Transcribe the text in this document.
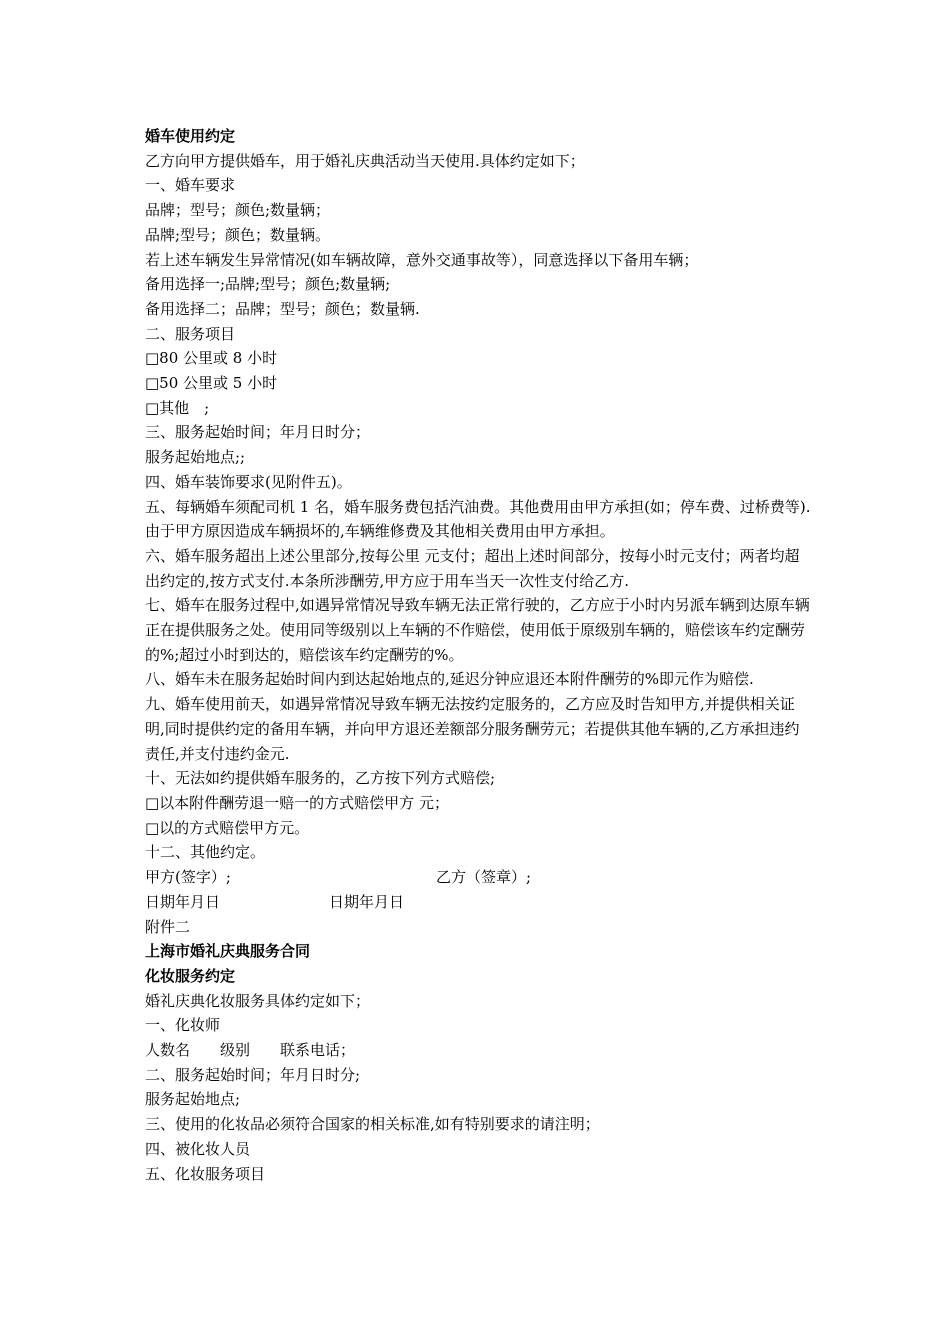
婚车使用约定

乙方向甲方提供婚车，用于婚礼庆典活动当天使用.具体约定如下；

一、婚车要求

品牌；型号；颜色;数量辆；

品牌;型号；颜色；数量辆。

若上述车辆发生异常情况(如车辆故障，意外交通事故等），同意选择以下备用车辆；

备用选择一;品牌;型号；颜色;数量辆;

备用选择二；品牌；型号；颜色；数量辆.

二、服务项目

□80 公里或 8 小时

□50 公里或 5 小时

□其他　;

三、服务起始时间；年月日时分；

服务起始地点;;

四、婚车装饰要求(见附件五)。

五、每辆婚车须配司机 1 名，婚车服务费包括汽油费。其他费用由甲方承担(如；停车费、过桥费等).由于甲方原因造成车辆损坏的,车辆维修费及其他相关费用由甲方承担。

六、婚车服务超出上述公里部分,按每公里 元支付；超出上述时间部分，按每小时元支付；两者均超出约定的,按方式支付.本条所涉酬劳,甲方应于用车当天一次性支付给乙方.

七、婚车在服务过程中,如遇异常情况导致车辆无法正常行驶的，乙方应于小时内另派车辆到达原车辆正在提供服务之处。使用同等级别以上车辆的不作赔偿，使用低于原级别车辆的，赔偿该车约定酬劳的%;超过小时到达的，赔偿该车约定酬劳的%。

八、婚车未在服务起始时间内到达起始地点的,延迟分钟应退还本附件酬劳的%即元作为赔偿.

九、婚车使用前天，如遇异常情况导致车辆无法按约定服务的，乙方应及时告知甲方,并提供相关证明,同时提供约定的备用车辆，并向甲方退还差额部分服务酬劳元；若提供其他车辆的,乙方承担违约责任,并支付违约金元.

十、无法如约提供婚车服务的，乙方按下列方式赔偿;

□以本附件酬劳退一赔一的方式赔偿甲方 元；

□以的方式赔偿甲方元。

十二、其他约定。

甲方(签字）;	乙方（签章）;
日期年月日	日期年月日

附件二

上海市婚礼庆典服务合同

化妆服务约定

婚礼庆典化妆服务具体约定如下；

一、化妆师

人数名　　级别　　联系电话；

二、服务起始时间；年月日时分;

服务起始地点;

三、使用的化妆品必须符合国家的相关标准,如有特别要求的请注明；

四、被化妆人员

五、化妆服务项目
